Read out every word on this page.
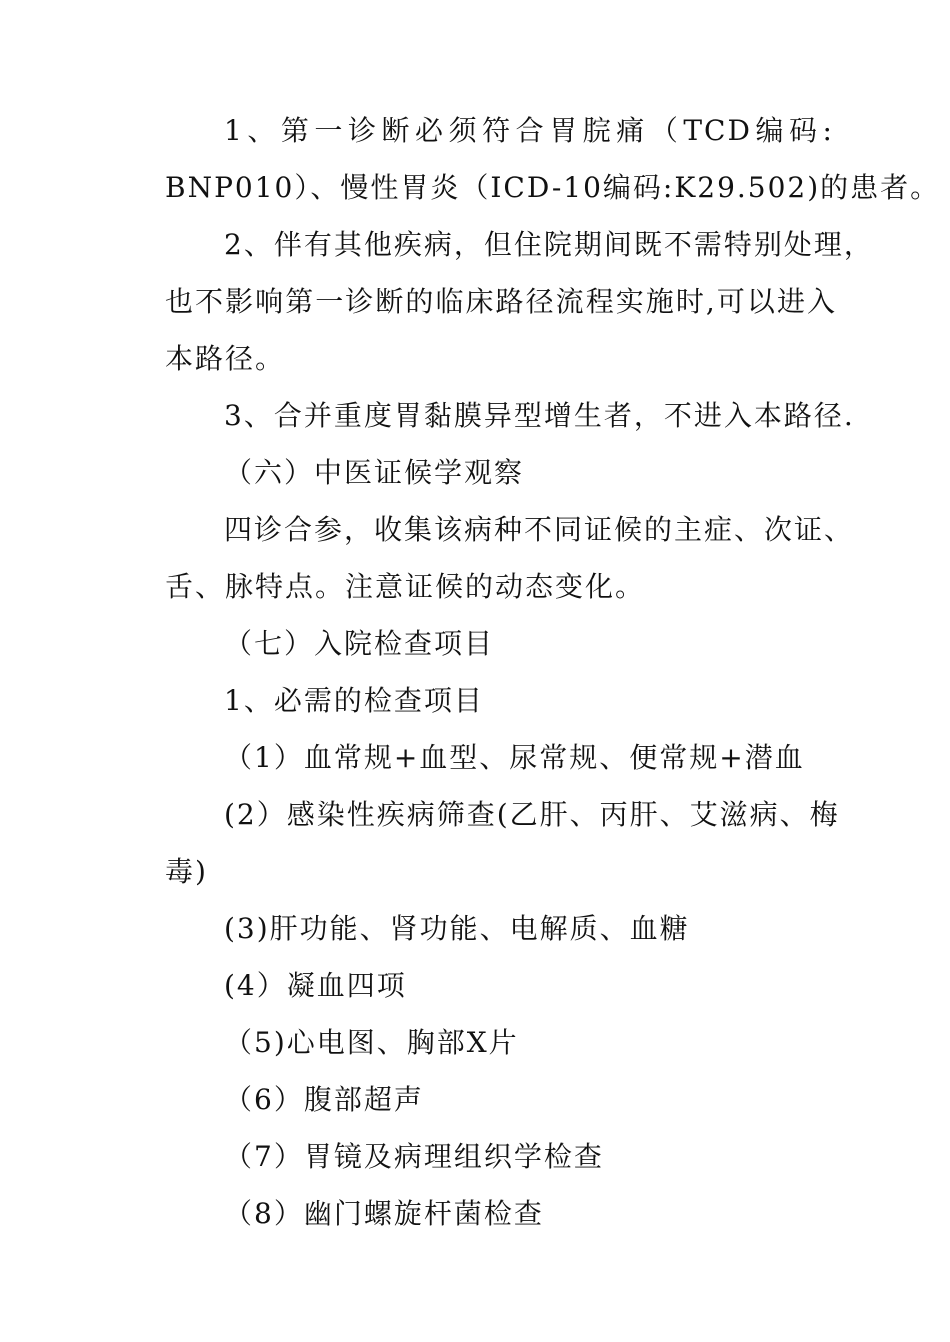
1、第一诊断必须符合胃脘痛（TCD编码:
BNP010）、慢性胃炎（ICD-10编码:K29.502)的患者。
2、伴有其他疾病，但住院期间既不需特别处理，
也不影响第一诊断的临床路径流程实施时,可以进入
本路径。
3、合并重度胃黏膜异型增生者，不进入本路径.
（六）中医证候学观察
四诊合参，收集该病种不同证候的主症、次证、
舌、脉特点。注意证候的动态变化。
（七）入院检查项目
1、必需的检查项目
（1）血常规+血型、尿常规、便常规+潜血
(2）感染性疾病筛查(乙肝、丙肝、艾滋病、梅
毒)
(3)肝功能、肾功能、电解质、血糖
(4）凝血四项
（5)心电图、胸部X片
（6）腹部超声
（7）胃镜及病理组织学检查
（8）幽门螺旋杆菌检查
